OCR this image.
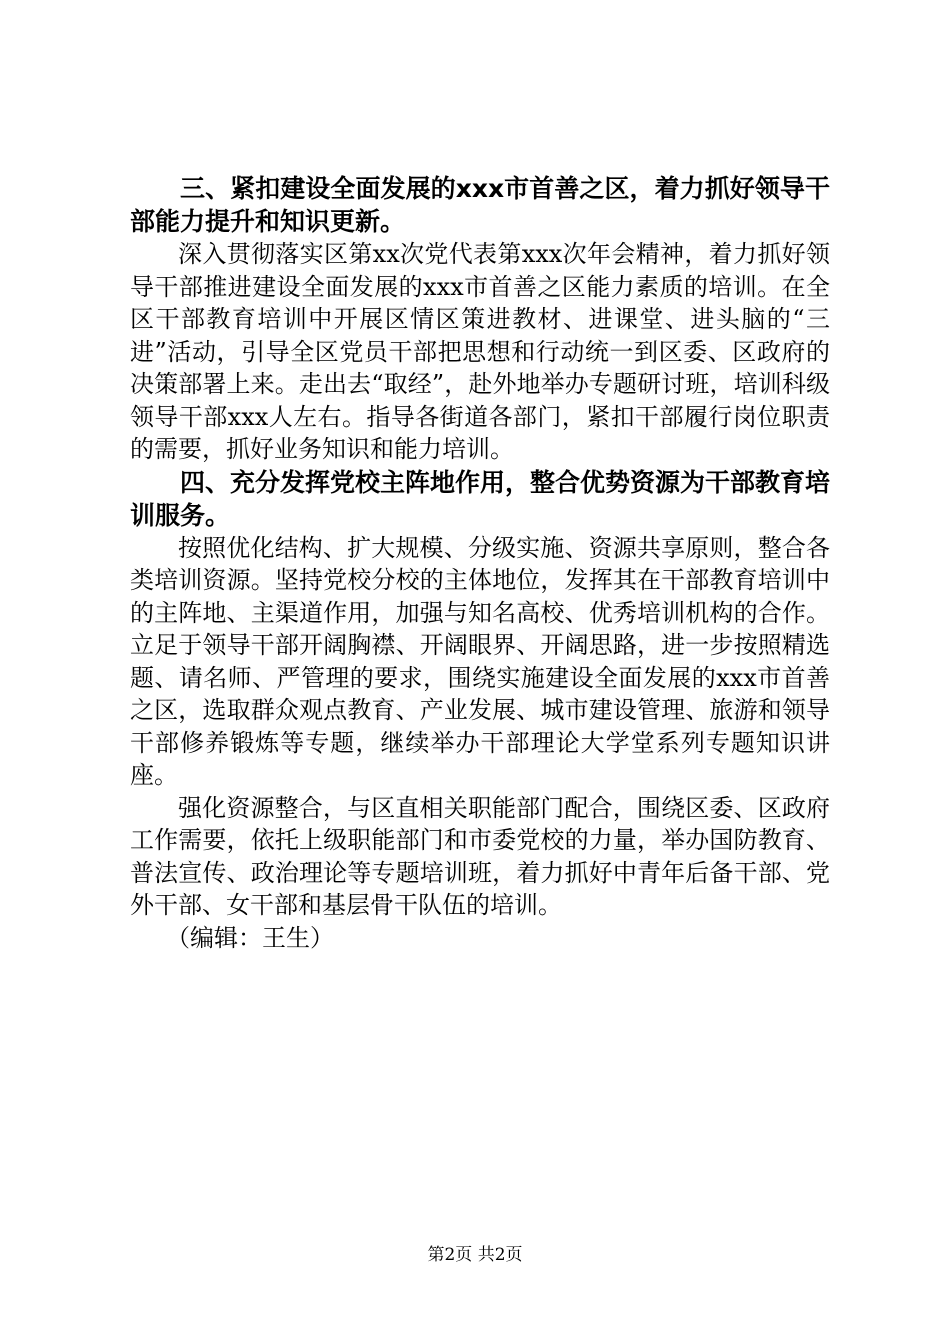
三、紧扣建设全面发展的xxx市首善之区，着力抓好领导干部能力提升和知识更新。

深入贯彻落实区第xx次党代表第xxx次年会精神，着力抓好领导干部推进建设全面发展的xxx市首善之区能力素质的培训。在全区干部教育培训中开展区情区策进教材、进课堂、进头脑的“三进”活动，引导全区党员干部把思想和行动统一到区委、区政府的决策部署上来。走出去“取经”，赴外地举办专题研讨班，培训科级领导干部xxx人左右。指导各街道各部门，紧扣干部履行岗位职责的需要，抓好业务知识和能力培训。

四、充分发挥党校主阵地作用，整合优势资源为干部教育培训服务。

按照优化结构、扩大规模、分级实施、资源共享原则，整合各类培训资源。坚持党校分校的主体地位，发挥其在干部教育培训中的主阵地、主渠道作用，加强与知名高校、优秀培训机构的合作。立足于领导干部开阔胸襟、开阔眼界、开阔思路，进一步按照精选题、请名师、严管理的要求，围绕实施建设全面发展的xxx市首善之区，选取群众观点教育、产业发展、城市建设管理、旅游和领导干部修养锻炼等专题，继续举办干部理论大学堂系列专题知识讲座。

强化资源整合，与区直相关职能部门配合，围绕区委、区政府工作需要，依托上级职能部门和市委党校的力量，举办国防教育、普法宣传、政治理论等专题培训班，着力抓好中青年后备干部、党外干部、女干部和基层骨干队伍的培训。

（编辑：王生）

第2页 共2页
